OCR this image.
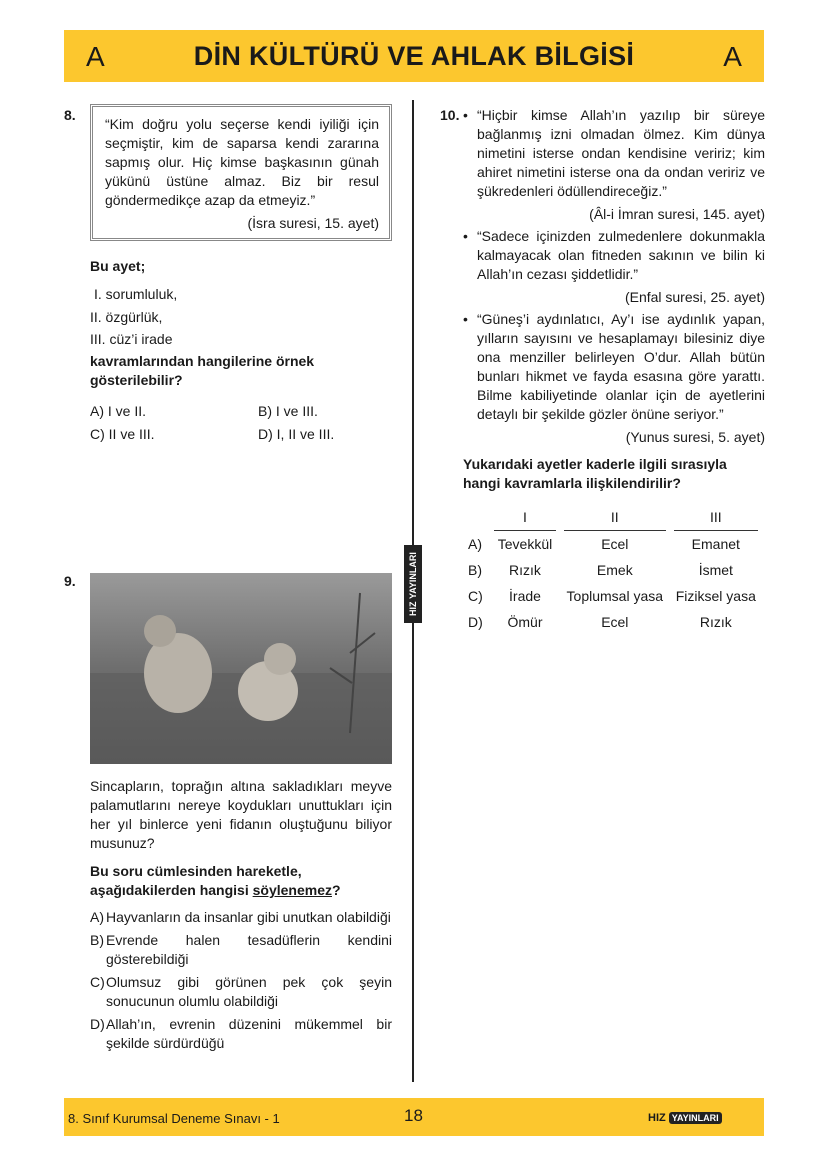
A	DİN KÜLTÜRÜ VE AHLAK BİLGİSİ	A
HIZ YAYINLARI
8.
“Kim doğru yolu seçerse kendi iyiliği için seçmiştir, kim de saparsa kendi zararına sapmış olur. Hiç kimse başkasının günah yükünü üstüne almaz. Biz bir resul göndermedikçe azap da etmeyiz.”
(İsra suresi, 15. ayet)
Bu ayet;
I. sorumluluk,
II. özgürlük,
III. cüz’i irade
kavramlarından hangilerine örnek gösterilebilir?
A) I ve II.	B) I ve III.
C) II ve III.	D) I, II ve III.
9.
Sincapların, toprağın altına sakladıkları meyve palamutlarını nereye koydukları unuttukları için her yıl binlerce yeni fidanın oluştuğunu biliyor musunuz?
Bu soru cümlesinden hareketle, aşağıdakilerden hangisi söylenemez?
A) Hayvanların da insanlar gibi unutkan olabildiği
B) Evrende halen tesadüflerin kendini gösterebildiği
C) Olumsuz gibi görünen pek çok şeyin sonucunun olumlu olabildiği
D) Allah’ın, evrenin düzenini mükemmel bir şekilde sürdürdüğü
10. • “Hiçbir kimse Allah’ın yazılıp bir süreye bağlanmış izni olmadan ölmez. Kim dünya nimetini isterse ondan kendisine veririz; kim ahiret nimetini isterse ona da ondan veririz ve şükredenleri ödüllendireceğiz.”
(Âl-i İmran suresi, 145. ayet)
• “Sadece içinizden zulmedenlere dokunmakla kalmayacak olan fitneden sakının ve bilin ki Allah’ın cezası şiddetlidir.”
(Enfal suresi, 25. ayet)
• “Güneş’i aydınlatıcı, Ay’ı ise aydınlık yapan, yılların sayısını ve hesaplamayı bilesiniz diye ona menziller belirleyen O’dur. Allah bütün bunları hikmet ve fayda esasına göre yarattı. Bilme kabiliyetinde olanlar için de ayetlerini detaylı bir şekilde gözler önüne seriyor.”
(Yunus suresi, 5. ayet)
Yukarıdaki ayetler kaderle ilgili sırasıyla hangi kavramlarla ilişkilendirilir?
	I	II	III
A)	Tevekkül	Ecel	Emanet
B)	Rızık	Emek	İsmet
C)	İrade	Toplumsal yasa	Fiziksel yasa
D)	Ömür	Ecel	Rızık
8. Sınıf Kurumsal Deneme Sınavı - 1	18	HIZ YAYINLARI
